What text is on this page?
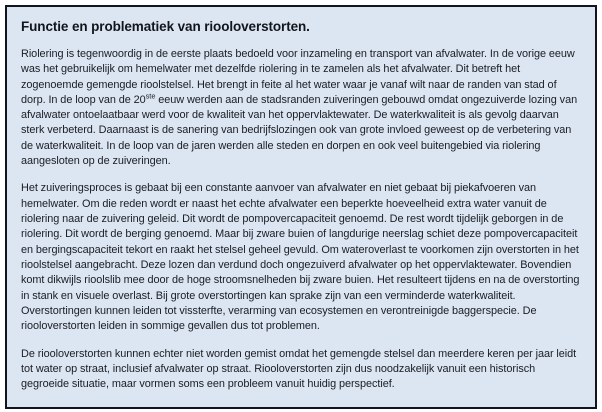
Functie en problematiek van riooloverstorten.

Riolering is tegenwoordig in de eerste plaats bedoeld voor inzameling en transport van afvalwater. In de vorige eeuw was het gebruikelijk om hemelwater met dezelfde riolering in te zamelen als het afvalwater. Dit betreft het zogenoemde gemengde rioolstelsel. Het brengt in feite al het water waar je vanaf wilt naar de randen van stad of dorp. In de loop van de 20ste eeuw werden aan de stadsranden zuiveringen gebouwd omdat ongezuiverde lozing van afvalwater ontoelaatbaar werd voor de kwaliteit van het oppervlaktewater. De waterkwaliteit is als gevolg daarvan sterk verbeterd. Daarnaast is de sanering van bedrijfslozingen ook van grote invloed geweest op de verbetering van de waterkwaliteit. In de loop van de jaren werden alle steden en dorpen en ook veel buitengebied via riolering aangesloten op de zuiveringen.

Het zuiveringsproces is gebaat bij een constante aanvoer van afvalwater en niet gebaat bij piekafvoeren van hemelwater. Om die reden wordt er naast het echte afvalwater een beperkte hoeveelheid extra water vanuit de riolering naar de zuivering geleid. Dit wordt de pompovercapaciteit genoemd. De rest wordt tijdelijk geborgen in de riolering. Dit wordt de berging genoemd. Maar bij zware buien of langdurige neerslag schiet deze pompovercapaciteit en bergingscapaciteit tekort en raakt het stelsel geheel gevuld. Om wateroverlast te voorkomen zijn overstorten in het rioolstelsel aangebracht. Deze lozen dan verdund doch ongezuiverd afvalwater op het oppervlaktewater. Bovendien komt dikwijls rioolslib mee door de hoge stroomsnelheden bij zware buien. Het resulteert tijdens en na de overstorting in stank en visuele overlast. Bij grote overstortingen kan sprake zijn van een verminderde waterkwaliteit. Overstortingen kunnen leiden tot vissterfte, verarming van ecosystemen en verontreinigde baggerspecie. De riooloverstorten leiden in sommige gevallen dus tot problemen.

De riooloverstorten kunnen echter niet worden gemist omdat het gemengde stelsel dan meerdere keren per jaar leidt tot water op straat, inclusief afvalwater op straat. Riooloverstorten zijn dus noodzakelijk vanuit een historisch gegroeide situatie, maar vormen soms een probleem vanuit huidig perspectief.
